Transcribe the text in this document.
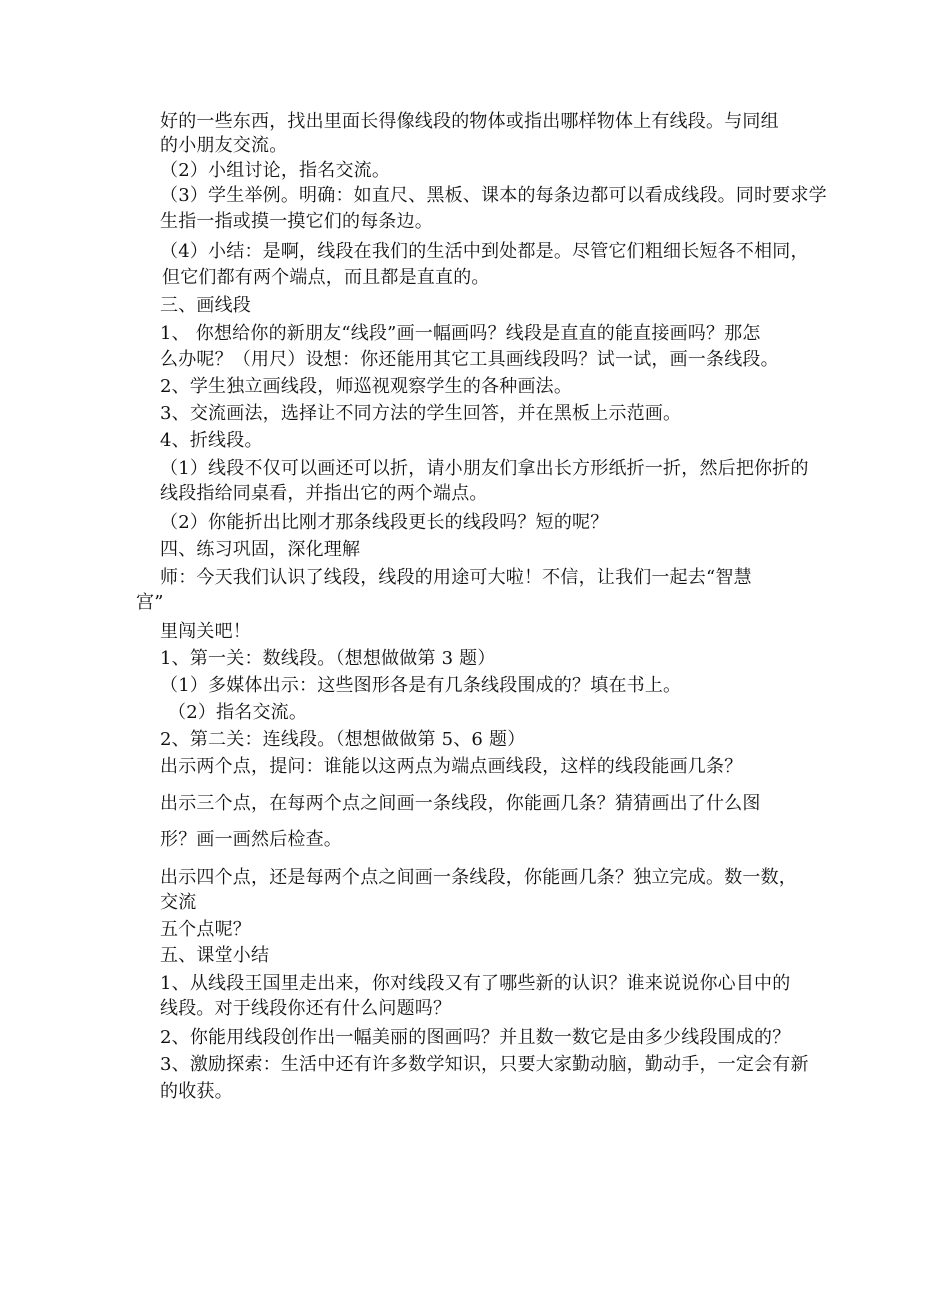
好的一些东西，找出里面长得像线段的物体或指出哪样物体上有线段。与同组
的小朋友交流。
（2）小组讨论，指名交流。
（3）学生举例。明确：如直尺、黑板、课本的每条边都可以看成线段。同时要求学
生指一指或摸一摸它们的每条边。
（4）小结：是啊，线段在我们的生活中到处都是。尽管它们粗细长短各不相同，
但它们都有两个端点，而且都是直直的。
三、画线段
1、 你想给你的新朋友“线段”画一幅画吗？线段是直直的能直接画吗？那怎
么办呢？（用尺）设想：你还能用其它工具画线段吗？试一试，画一条线段。
2、学生独立画线段，师巡视观察学生的各种画法。
3、交流画法，选择让不同方法的学生回答，并在黑板上示范画。
4、折线段。
（1）线段不仅可以画还可以折，请小朋友们拿出长方形纸折一折，然后把你折的
线段指给同桌看，并指出它的两个端点。
（2）你能折出比刚才那条线段更长的线段吗？短的呢？
四、练习巩固，深化理解
师：今天我们认识了线段，线段的用途可大啦！不信，让我们一起去“智慧
宫”
里闯关吧！
1、第一关：数线段。（想想做做第 3 题）
（1）多媒体出示：这些图形各是有几条线段围成的？填在书上。
（2）指名交流。
2、第二关：连线段。（想想做做第 5、6 题）
出示两个点，提问：谁能以这两点为端点画线段，这样的线段能画几条？
出示三个点，在每两个点之间画一条线段，你能画几条？猜猜画出了什么图
形？画一画然后检查。
出示四个点，还是每两个点之间画一条线段，你能画几条？独立完成。数一数，
交流
五个点呢？
五、课堂小结
1、从线段王国里走出来，你对线段又有了哪些新的认识？谁来说说你心目中的
线段。对于线段你还有什么问题吗？
2、你能用线段创作出一幅美丽的图画吗？并且数一数它是由多少线段围成的？
3、激励探索：生活中还有许多数学知识，只要大家勤动脑，勤动手，一定会有新
的收获。
